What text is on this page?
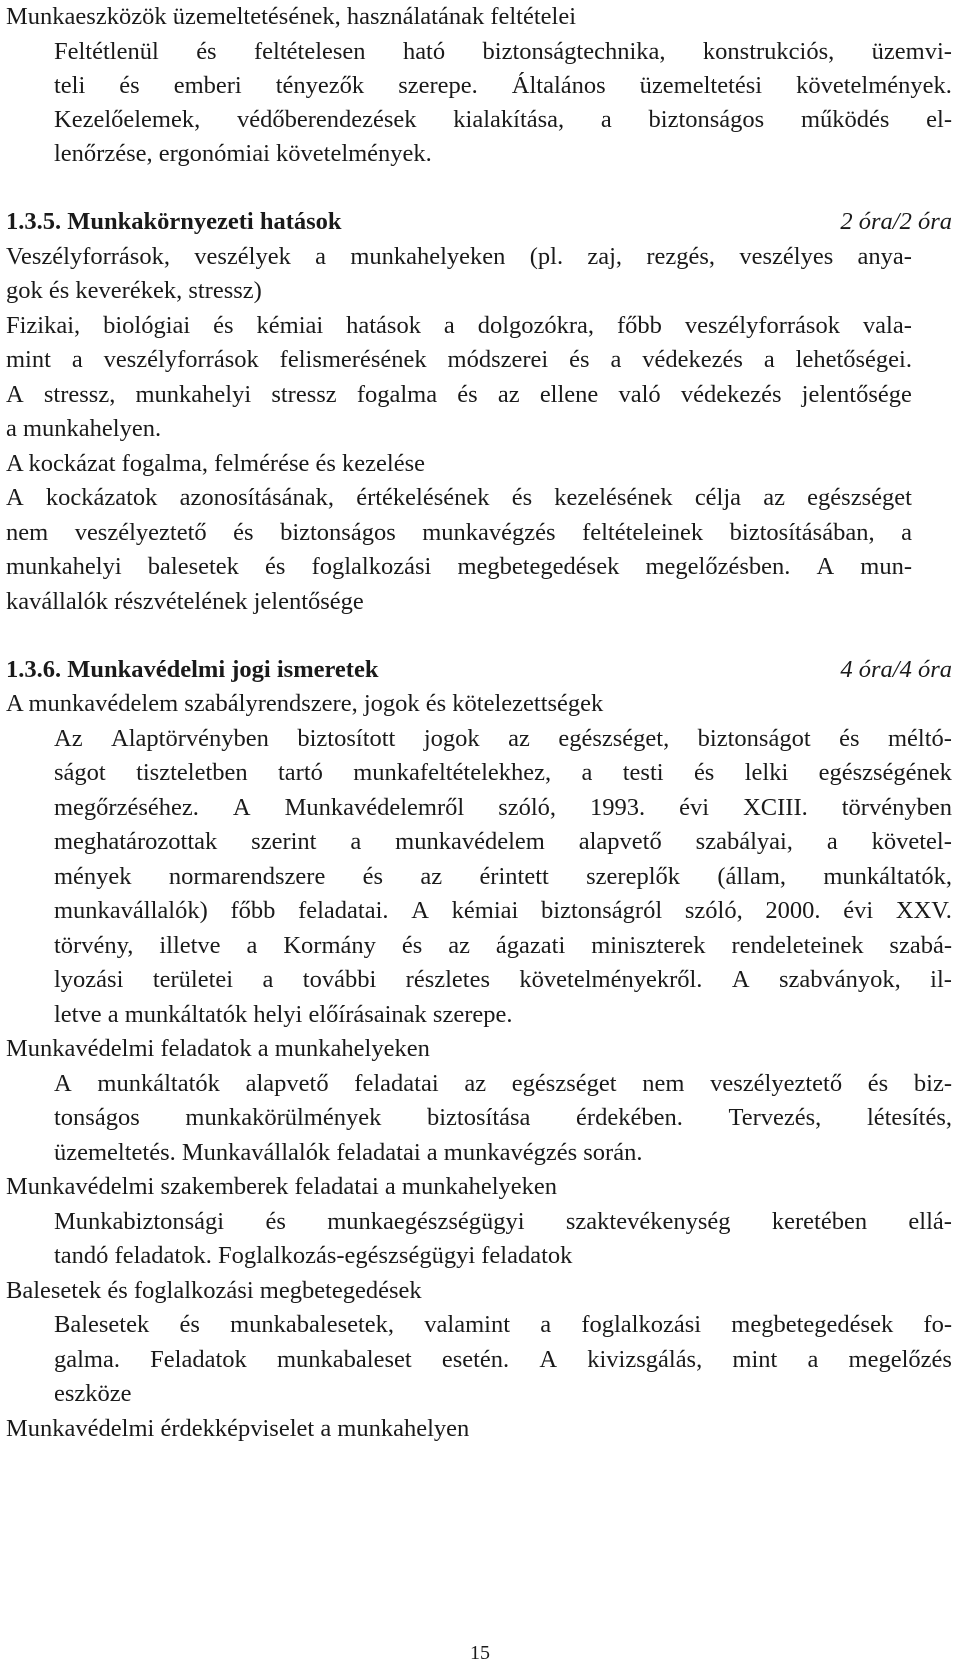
Munkaeszközök üzemeltetésének, használatának feltételei
Feltétlenül és feltételesen ható biztonságtechnika, konstrukciós, üzemvi-
teli és emberi tényezők szerepe. Általános üzemeltetési követelmények.
Kezelőelemek, védőberendezések kialakítása, a biztonságos működés el-
lenőrzése, ergonómiai követelmények.
1.3.5. Munkakörnyezeti hatások	2 óra/2 óra
Veszélyforrások, veszélyek a munkahelyeken (pl. zaj, rezgés, veszélyes anya-
gok és keverékek, stressz)
Fizikai, biológiai és kémiai hatások a dolgozókra, főbb veszélyforrások vala-
mint a veszélyforrások felismerésének módszerei és a védekezés a lehetőségei.
A stressz, munkahelyi stressz fogalma és az ellene való védekezés jelentősége
a munkahelyen.
A kockázat fogalma, felmérése és kezelése
A kockázatok azonosításának, értékelésének és kezelésének célja az egészséget
nem veszélyeztető és biztonságos munkavégzés feltételeinek biztosításában, a
munkahelyi balesetek és foglalkozási megbetegedések megelőzésben. A mun-
kavállalók részvételének jelentősége
1.3.6. Munkavédelmi jogi ismeretek	4 óra/4 óra
A munkavédelem szabályrendszere, jogok és kötelezettségek
Az Alaptörvényben biztosított jogok az egészséget, biztonságot és méltó-
ságot tiszteletben tartó munkafeltételekhez, a testi és lelki egészségének
megőrzéséhez. A Munkavédelemről szóló, 1993. évi XCIII. törvényben
meghatározottak szerint a munkavédelem alapvető szabályai, a követel-
mények normarendszere és az érintett szereplők (állam, munkáltatók,
munkavállalók) főbb feladatai. A kémiai biztonságról szóló, 2000. évi XXV.
törvény, illetve a Kormány és az ágazati miniszterek rendeleteinek szabá-
lyozási területei a további részletes követelményekről. A szabványok, il-
letve a munkáltatók helyi előírásainak szerepe.
Munkavédelmi feladatok a munkahelyeken
A munkáltatók alapvető feladatai az egészséget nem veszélyeztető és biz-
tonságos munkakörülmények biztosítása érdekében. Tervezés, létesítés,
üzemeltetés. Munkavállalók feladatai a munkavégzés során.
Munkavédelmi szakemberek feladatai a munkahelyeken
Munkabiztonsági és munkaegészségügyi szaktevékenység keretében ellá-
tandó feladatok. Foglalkozás-egészségügyi feladatok
Balesetek és foglalkozási megbetegedések
Balesetek és munkabalesetek, valamint a foglalkozási megbetegedések fo-
galma. Feladatok munkabaleset esetén. A kivizsgálás, mint a megelőzés
eszköze
Munkavédelmi érdekképviselet a munkahelyen
15
